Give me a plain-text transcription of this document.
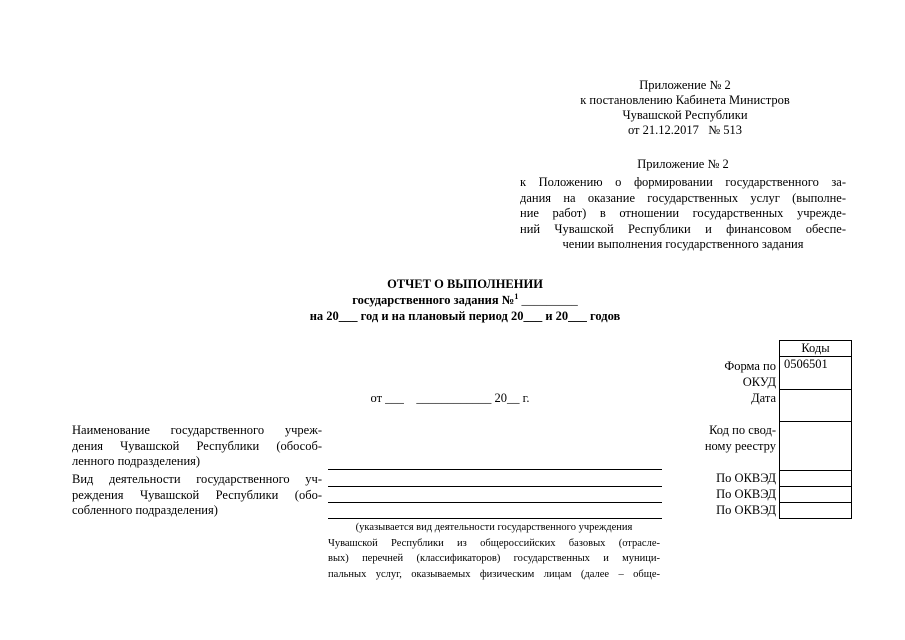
Приложение № 2
к постановлению Кабинета Министров
Чувашской Республики
от 21.12.2017   № 513
Приложение № 2
к Положению о формировании государственного за-
дания на оказание государственных услуг (выполне-
ние работ) в отношении государственных учрежде-
ний Чувашской Республики и финансовом обеспе-
чении выполнения государственного задания
ОТЧЕТ О ВЫПОЛНЕНИИ
государственного задания №$^1$ _________
на 20___ год и на плановый период 20___ и 20___ годов
от ___    ____________ 20__ г.
Наименование государственного учреж-
дения Чувашской Республики (обособ-
ленного подразделения)
Вид деятельности государственного уч-
реждения Чувашской Республики (обо-
собленного подразделения)
(указывается вид деятельности государственного учреждения
Чувашской Республики из общероссийских базовых (отрасле-
вых) перечней (классификаторов) государственных и муници-
пальных услуг, оказываемых физическим лицам (далее – обще-
Форма по
ОКУД
Дата
Код по свод-
ному реестру
По ОКВЭД
По ОКВЭД
По ОКВЭД
Коды
0506501
